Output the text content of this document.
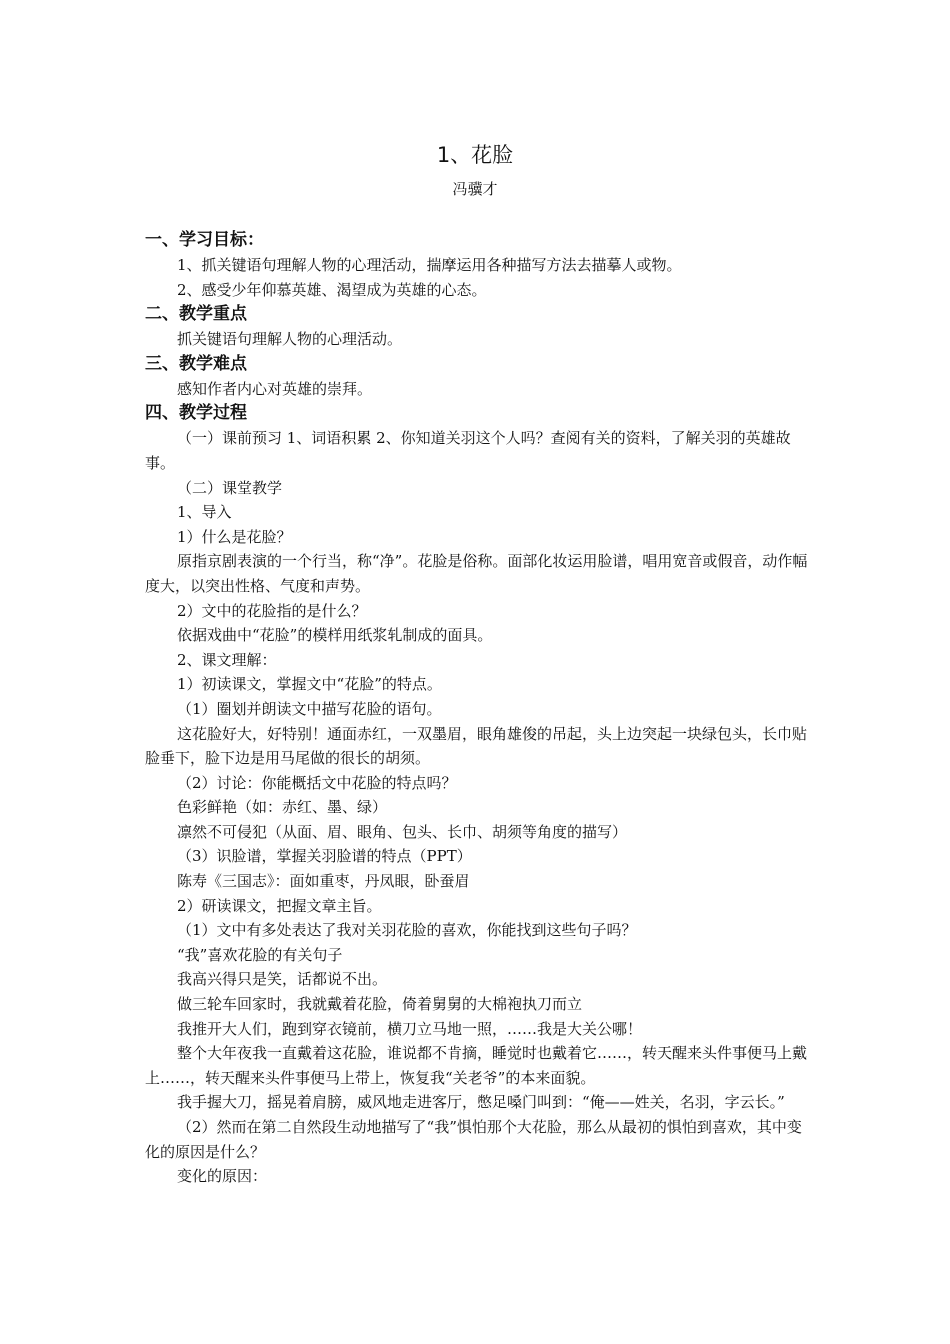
1、花脸
冯骥才

一、学习目标：

1、抓关键语句理解人物的心理活动，揣摩运用各种描写方法去描摹人或物。

2、感受少年仰慕英雄、渴望成为英雄的心态。

二、教学重点

抓关键语句理解人物的心理活动。

三、教学难点

感知作者内心对英雄的崇拜。

四、教学过程

（一）课前预习 1、词语积累 2、你知道关羽这个人吗？查阅有关的资料，了解关羽的英雄故事。

（二）课堂教学

1、导入

1）什么是花脸？

原指京剧表演的一个行当，称“净”。花脸是俗称。面部化妆运用脸谱，唱用宽音或假音，动作幅度大，以突出性格、气度和声势。

2）文中的花脸指的是什么？

依据戏曲中“花脸”的模样用纸浆轧制成的面具。

2、课文理解：

1）初读课文，掌握文中“花脸”的特点。

（1）圈划并朗读文中描写花脸的语句。

这花脸好大，好特别！通面赤红，一双墨眉，眼角雄俊的吊起，头上边突起一块绿包头，长巾贴脸垂下，脸下边是用马尾做的很长的胡须。

（2）讨论：你能概括文中花脸的特点吗？

色彩鲜艳（如：赤红、墨、绿）

凛然不可侵犯（从面、眉、眼角、包头、长巾、胡须等角度的描写）

（3）识脸谱，掌握关羽脸谱的特点（PPT）

陈寿《三国志》：面如重枣，丹凤眼，卧蚕眉

2）研读课文，把握文章主旨。

（1）文中有多处表达了我对关羽花脸的喜欢，你能找到这些句子吗？

“我”喜欢花脸的有关句子

我高兴得只是笑，话都说不出。

做三轮车回家时，我就戴着花脸，倚着舅舅的大棉袍执刀而立

我推开大人们，跑到穿衣镜前，横刀立马地一照，……我是大关公哪！

整个大年夜我一直戴着这花脸，谁说都不肯摘，睡觉时也戴着它……，转天醒来头件事便马上戴上……，转天醒来头件事便马上带上，恢复我“关老爷”的本来面貌。

我手握大刀，摇晃着肩膀，威风地走进客厅，憋足嗓门叫到：“俺——姓关，名羽，字云长。”

（2）然而在第二自然段生动地描写了“我”惧怕那个大花脸，那么从最初的惧怕到喜欢，其中变化的原因是什么？

变化的原因：
